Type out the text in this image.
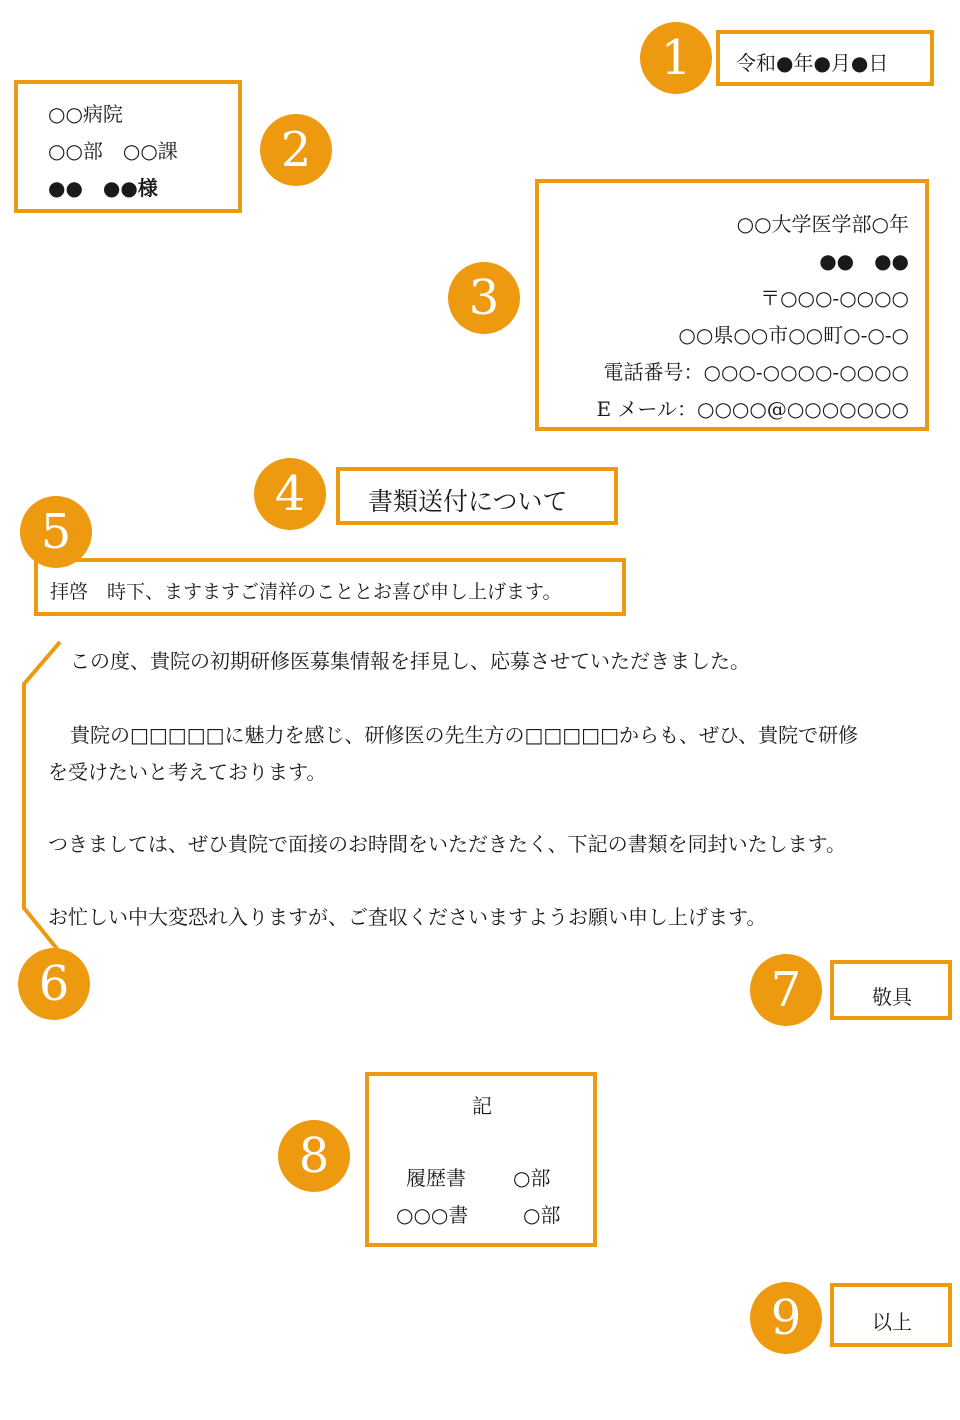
1	令和●年●月●日
○○病院
○○部　○○課
●●　●●様
2
3
○○大学医学部○年
●●　●●
〒○○○-○○○○
○○県○○市○○町○-○-○
電話番号：○○○-○○○○-○○○○
E メール：○○○○@○○○○○○○
4	書類送付について
拝啓　時下、ますますご清祥のこととお喜び申し上げます。
5
6
この度、貴院の初期研修医募集情報を拝見し、応募させていただきました。
貴院の□□□□□に魅力を感じ、研修医の先生方の□□□□□からも、ぜひ、貴院で研修
を受けたいと考えております。
つきましては、ぜひ貴院で面接のお時間をいただきたく、下記の書類を同封いたします。
お忙しい中大変恐れ入りますが、ご査収くださいますようお願い申し上げます。
7	敬具
8
記
履歴書 ○部
○○○書	○部
9	以上
